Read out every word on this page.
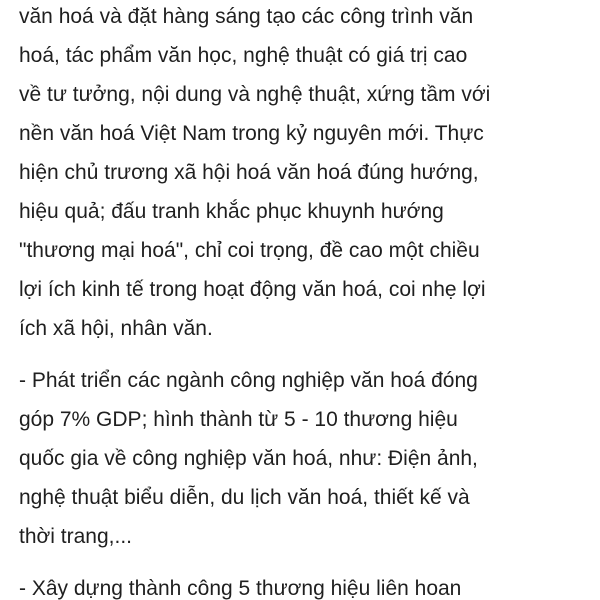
văn hoá và đặt hàng sáng tạo các công trình văn
hoá, tác phẩm văn học, nghệ thuật có giá trị cao
về tư tưởng, nội dung và nghệ thuật, xứng tầm với
nền văn hoá Việt Nam trong kỷ nguyên mới. Thực
hiện chủ trương xã hội hoá văn hoá đúng hướng,
hiệu quả; đấu tranh khắc phục khuynh hướng
"thương mại hoá", chỉ coi trọng, đề cao một chiều
lợi ích kinh tế trong hoạt động văn hoá, coi nhẹ lợi
ích xã hội, nhân văn.
- Phát triển các ngành công nghiệp văn hoá đóng
góp 7% GDP; hình thành từ 5 - 10 thương hiệu
quốc gia về công nghiệp văn hoá, như: Điện ảnh,
nghệ thuật biểu diễn, du lịch văn hoá, thiết kế và
thời trang,...
- Xây dựng thành công 5 thương hiệu liên hoan
